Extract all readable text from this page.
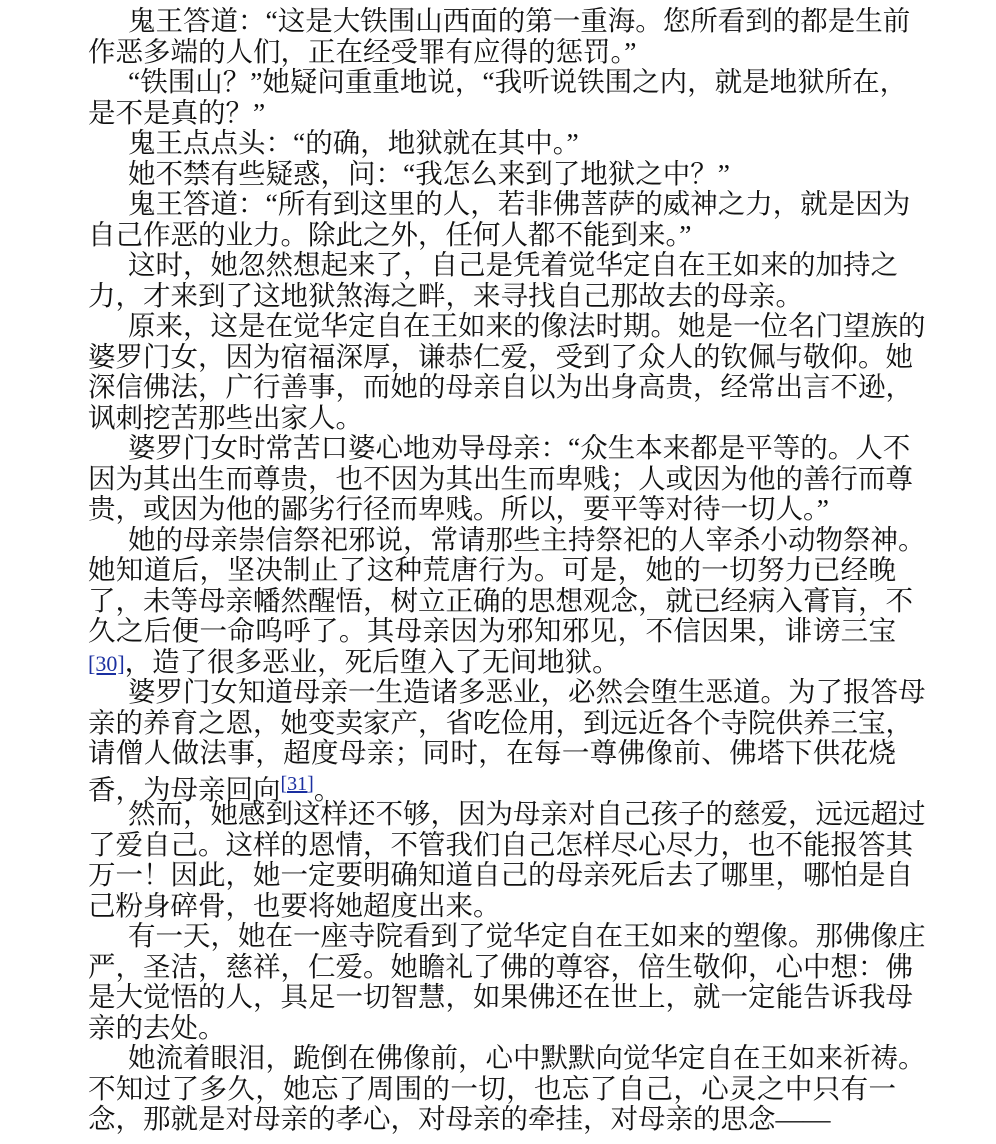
鬼王答道：“这是大铁围山西面的第一重海。您所看到的都是生前
作恶多端的人们，正在经受罪有应得的惩罚。”
“铁围山？”她疑问重重地说，“我听说铁围之内，就是地狱所在，
是不是真的？”
鬼王点点头：“的确，地狱就在其中。”
她不禁有些疑惑，问：“我怎么来到了地狱之中？”
鬼王答道：“所有到这里的人，若非佛菩萨的威神之力，就是因为
自己作恶的业力。除此之外，任何人都不能到来。”
这时，她忽然想起来了，自己是凭着觉华定自在王如来的加持之
力，才来到了这地狱煞海之畔，来寻找自己那故去的母亲。
原来，这是在觉华定自在王如来的像法时期。她是一位名门望族的
婆罗门女，因为宿福深厚，谦恭仁爱，受到了众人的钦佩与敬仰。她
深信佛法，广行善事，而她的母亲自以为出身高贵，经常出言不逊，
讽刺挖苦那些出家人。
婆罗门女时常苦口婆心地劝导母亲：“众生本来都是平等的。人不
因为其出生而尊贵，也不因为其出生而卑贱；人或因为他的善行而尊
贵，或因为他的鄙劣行径而卑贱。所以，要平等对待一切人。”
她的母亲崇信祭祀邪说，常请那些主持祭祀的人宰杀小动物祭神。
她知道后，坚决制止了这种荒唐行为。可是，她的一切努力已经晚
了，未等母亲幡然醒悟，树立正确的思想观念，就已经病入膏肓，不
久之后便一命呜呼了。其母亲因为邪知邪见，不信因果，诽谤三宝
[30]，造了很多恶业，死后堕入了无间地狱。
婆罗门女知道母亲一生造诸多恶业，必然会堕生恶道。为了报答母
亲的养育之恩，她变卖家产，省吃俭用，到远近各个寺院供养三宝，
请僧人做法事，超度母亲；同时，在每一尊佛像前、佛塔下供花烧
香，为母亲回向[31]。
然而，她感到这样还不够，因为母亲对自己孩子的慈爱，远远超过
了爱自己。这样的恩情，不管我们自己怎样尽心尽力，也不能报答其
万一！因此，她一定要明确知道自己的母亲死后去了哪里，哪怕是自
己粉身碎骨，也要将她超度出来。
有一天，她在一座寺院看到了觉华定自在王如来的塑像。那佛像庄
严，圣洁，慈祥，仁爱。她瞻礼了佛的尊容，倍生敬仰，心中想：佛
是大觉悟的人，具足一切智慧，如果佛还在世上，就一定能告诉我母
亲的去处。
她流着眼泪，跪倒在佛像前，心中默默向觉华定自在王如来祈祷。
不知过了多久，她忘了周围的一切，也忘了自己，心灵之中只有一
念，那就是对母亲的孝心，对母亲的牵挂，对母亲的思念——
